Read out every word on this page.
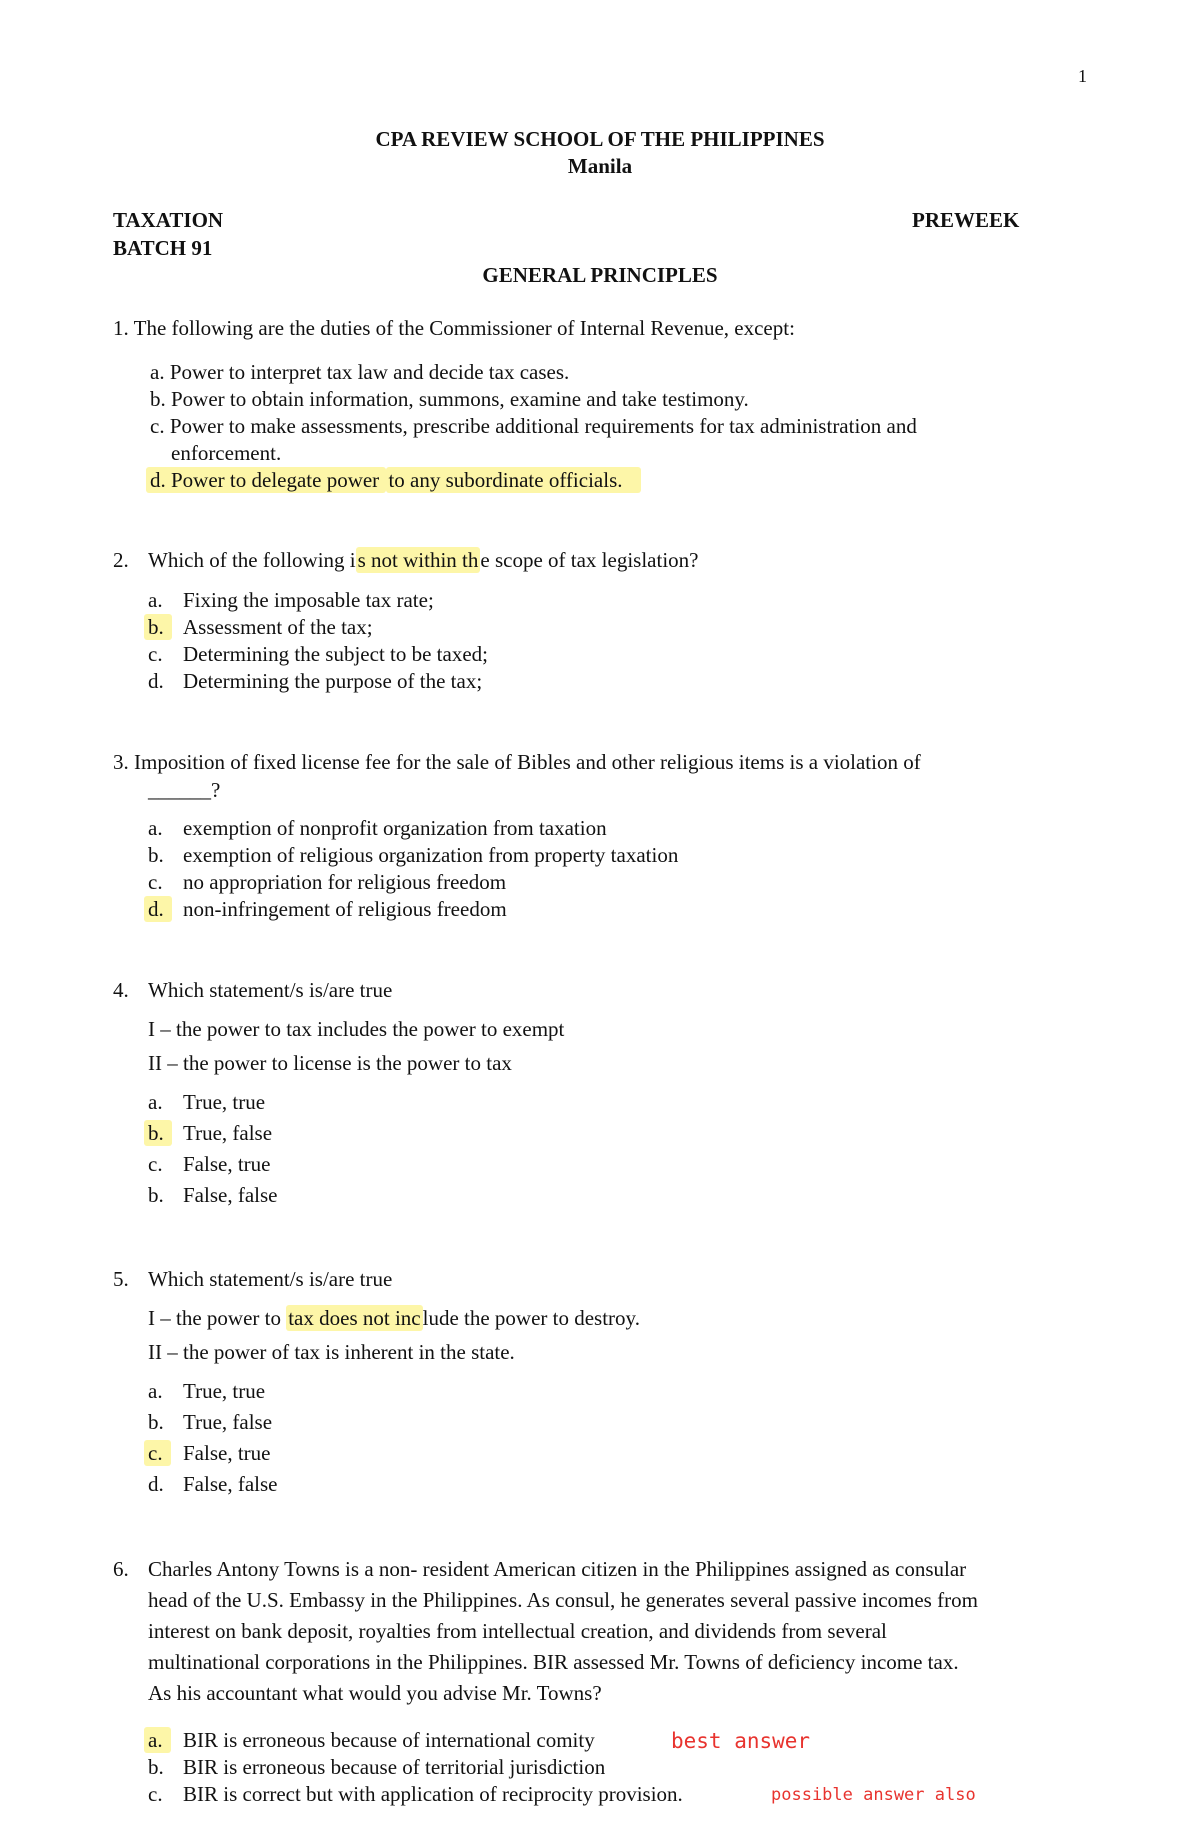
1
CPA REVIEW SCHOOL OF THE PHILIPPINES
Manila
TAXATION	PREWEEK
BATCH 91
GENERAL PRINCIPLES
1. The following are the duties of the Commissioner of Internal Revenue, except:
a. Power to interpret tax law and decide tax cases.
b. Power to obtain information, summons, examine and take testimony.
c. Power to make assessments, prescribe additional requirements for tax administration and
enforcement.
d. Power to delegate power to any subordinate officials.
2. Which of the following is not within the scope of tax legislation?
a. Fixing the imposable tax rate;
b. Assessment of the tax;
c. Determining the subject to be taxed;
d. Determining the purpose of the tax;
3. Imposition of fixed license fee for the sale of Bibles and other religious items is a violation of
______?
a. exemption of nonprofit organization from taxation
b. exemption of religious organization from property taxation
c. no appropriation for religious freedom
d. non-infringement of religious freedom
4. Which statement/s is/are true
I – the power to tax includes the power to exempt
II – the power to license is the power to tax
a. True, true
b. True, false
c. False, true
b. False, false
5. Which statement/s is/are true
I – the power to tax does not include the power to destroy.
II – the power of tax is inherent in the state.
a. True, true
b. True, false
c. False, true
d. False, false
6. Charles Antony Towns is a non- resident American citizen in the Philippines assigned as consular
head of the U.S. Embassy in the Philippines. As consul, he generates several passive incomes from
interest on bank deposit, royalties from intellectual creation, and dividends from several
multinational corporations in the Philippines. BIR assessed Mr. Towns of deficiency income tax.
As his accountant what would you advise Mr. Towns?
a. BIR is erroneous because of international comity	best answer
b. BIR is erroneous because of territorial jurisdiction
c. BIR is correct but with application of reciprocity provision.	possible answer also
